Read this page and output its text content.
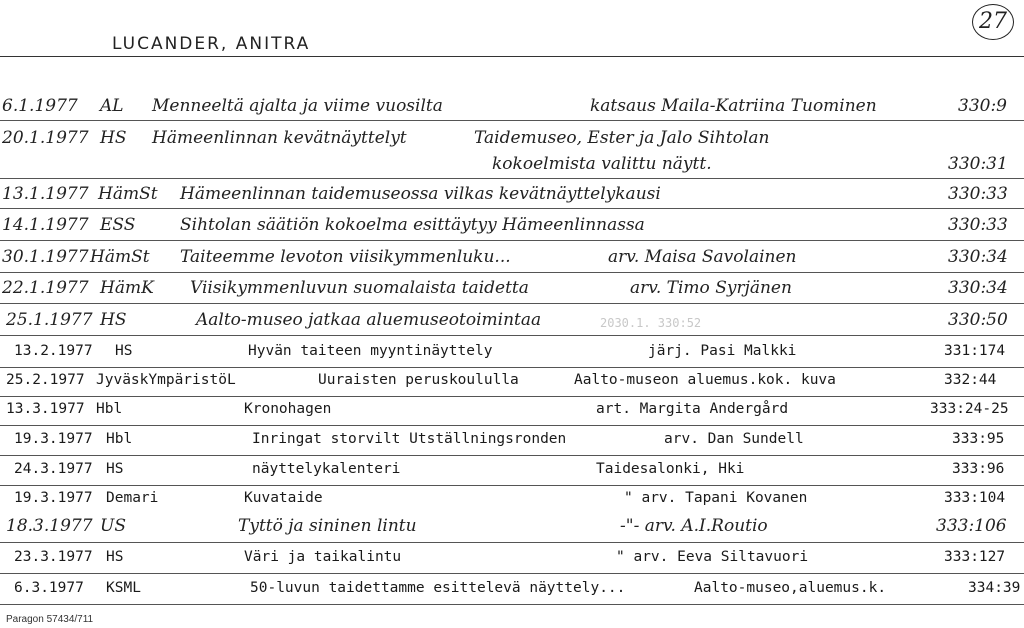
27
LUCANDER, ANITRA
6.1.1977 AL Menneeltä ajalta ja viime vuosilta	katsaus Maila-Katriina Tuominen	330:9
20.1.1977 HS Hämeenlinnan kevätnäyttelyt	Taidemuseo, Ester ja Jalo Sihtolan
kokoelmista valittu näytt.	330:31
13.1.1977 HämSt Hämeenlinnan taidemuseossa vilkas kevätnäyttelykausi	330:33
14.1.1977 ESS	Sihtolan säätiön kokoelma esittäytyy Hämeenlinnassa	330:33
30.1.1977 HämSt Taiteemme levoton viisikymmenluku...	arv. Maisa Savolainen	330:34
22.1.1977 HämK Viisikymmenluvun suomalaista taidetta	arv. Timo Syrjänen	330:34
2030.1. 330:52
25.1.1977 HS	Aalto-museo jatkaa aluemuseotoimintaa	330:50
13.2.1977 HS	Hyvän taiteen myyntinäyttely	järj. Pasi Malkki	331:174
25.2.1977 JyväskYmpäristöL	Uuraisten peruskoululla	Aalto-museon aluemus.kok. kuva	332:44
13.3.1977 Hbl	Kronohagen	art. Margita Andergård	333:24-25
19.3.1977 Hbl	Inringat storvilt Utställningsronden	arv. Dan Sundell	333:95
24.3.1977 HS	näyttelykalenteri	Taidesalonki, Hki	333:96
19.3.1977 Demari	Kuvataide	" arv. Tapani Kovanen	333:104
18.3.1977 US	Tyttö ja sininen lintu	-"- arv. A.I.Routio	333:106
23.3.1977 HS	Väri ja taikalintu	" arv. Eeva Siltavuori	333:127
6.3.1977 KSML	50-luvun taidettamme esittelevä näyttely...	Aalto-museo,aluemus.k.	334:39
Paragon 57434/711
